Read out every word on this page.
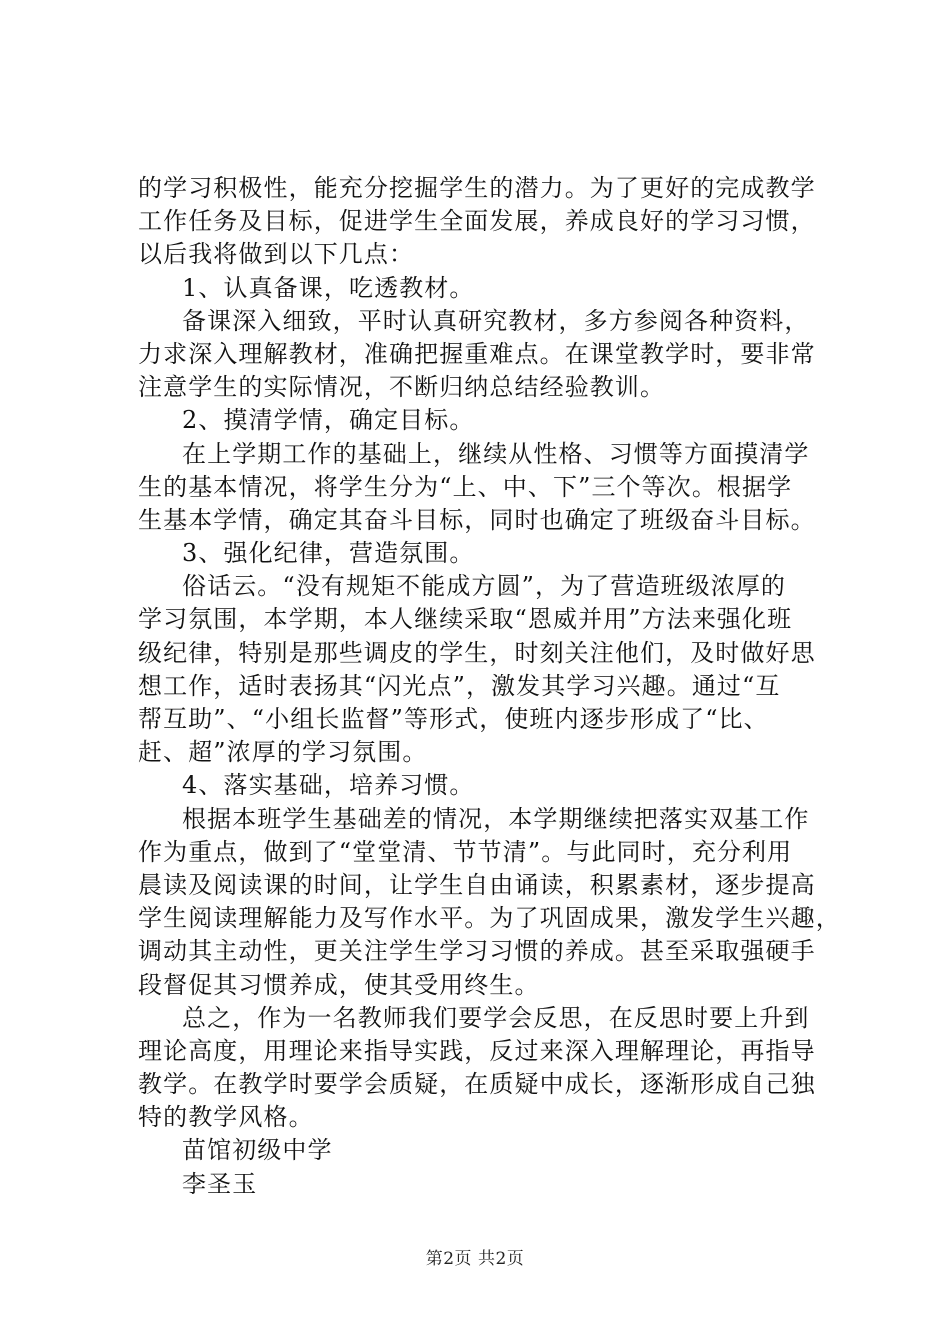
的学习积极性，能充分挖掘学生的潜力。为了更好的完成教学
工作任务及目标，促进学生全面发展，养成良好的学习习惯，
以后我将做到以下几点：
1、认真备课，吃透教材。
备课深入细致，平时认真研究教材，多方参阅各种资料，
力求深入理解教材，准确把握重难点。在课堂教学时，要非常
注意学生的实际情况，不断归纳总结经验教训。
2、摸清学情，确定目标。
在上学期工作的基础上，继续从性格、习惯等方面摸清学
生的基本情况，将学生分为“上、中、下”三个等次。根据学
生基本学情，确定其奋斗目标，同时也确定了班级奋斗目标。
3、强化纪律，营造氛围。
俗话云。“没有规矩不能成方圆”，为了营造班级浓厚的
学习氛围，本学期，本人继续采取“恩威并用”方法来强化班
级纪律，特别是那些调皮的学生，时刻关注他们，及时做好思
想工作，适时表扬其“闪光点”，激发其学习兴趣。通过“互
帮互助”、“小组长监督”等形式，使班内逐步形成了“比、
赶、超”浓厚的学习氛围。
4、落实基础，培养习惯。
根据本班学生基础差的情况，本学期继续把落实双基工作
作为重点，做到了“堂堂清、节节清”。与此同时，充分利用
晨读及阅读课的时间，让学生自由诵读，积累素材，逐步提高
学生阅读理解能力及写作水平。为了巩固成果，激发学生兴趣，
调动其主动性，更关注学生学习习惯的养成。甚至采取强硬手
段督促其习惯养成，使其受用终生。
总之，作为一名教师我们要学会反思，在反思时要上升到
理论高度，用理论来指导实践，反过来深入理解理论，再指导
教学。在教学时要学会质疑，在质疑中成长，逐渐形成自己独
特的教学风格。
苗馆初级中学
李圣玉
第2页 共2页
